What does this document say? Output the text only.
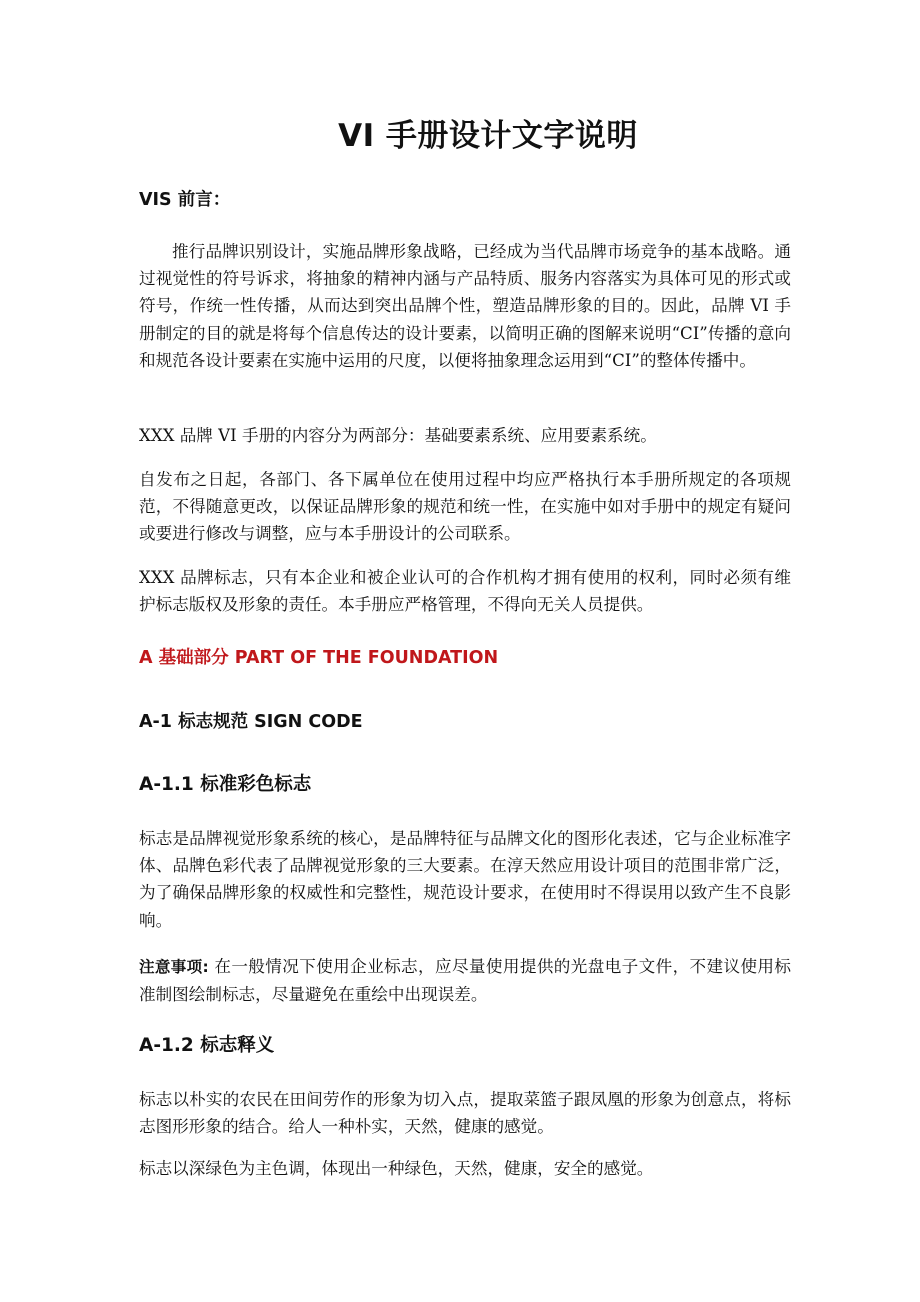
VI 手册设计文字说明
VIS 前言：

推行品牌识别设计，实施品牌形象战略，已经成为当代品牌市场竞争的基本战略。通过视觉性的符号诉求，将抽象的精神内涵与产品特质、服务内容落实为具体可见的形式或符号，作统一性传播，从而达到突出品牌个性，塑造品牌形象的目的。因此，品牌 VI 手册制定的目的就是将每个信息传达的设计要素，以简明正确的图解来说明“CI”传播的意向和规范各设计要素在实施中运用的尺度，以便将抽象理念运用到“CI”的整体传播中。

XXX 品牌 VI 手册的内容分为两部分：基础要素系统、应用要素系统。

自发布之日起，各部门、各下属单位在使用过程中均应严格执行本手册所规定的各项规范，不得随意更改，以保证品牌形象的规范和统一性，在实施中如对手册中的规定有疑问或要进行修改与调整，应与本手册设计的公司联系。

XXX 品牌标志，只有本企业和被企业认可的合作机构才拥有使用的权利，同时必须有维护标志版权及形象的责任。本手册应严格管理，不得向无关人员提供。

A 基础部分 PART OF THE FOUNDATION
A-1 标志规范 SIGN CODE
A-1.1 标准彩色标志

标志是品牌视觉形象系统的核心，是品牌特征与品牌文化的图形化表述，它与企业标准字体、品牌色彩代表了品牌视觉形象的三大要素。在淳天然应用设计项目的范围非常广泛，为了确保品牌形象的权威性和完整性，规范设计要求，在使用时不得误用以致产生不良影响。

注意事项: 在一般情况下使用企业标志，应尽量使用提供的光盘电子文件，不建议使用标准制图绘制标志，尽量避免在重绘中出现误差。

A-1.2 标志释义

标志以朴实的农民在田间劳作的形象为切入点，提取菜篮子跟凤凰的形象为创意点，将标志图形形象的结合。给人一种朴实，天然，健康的感觉。

标志以深绿色为主色调，体现出一种绿色，天然，健康，安全的感觉。
